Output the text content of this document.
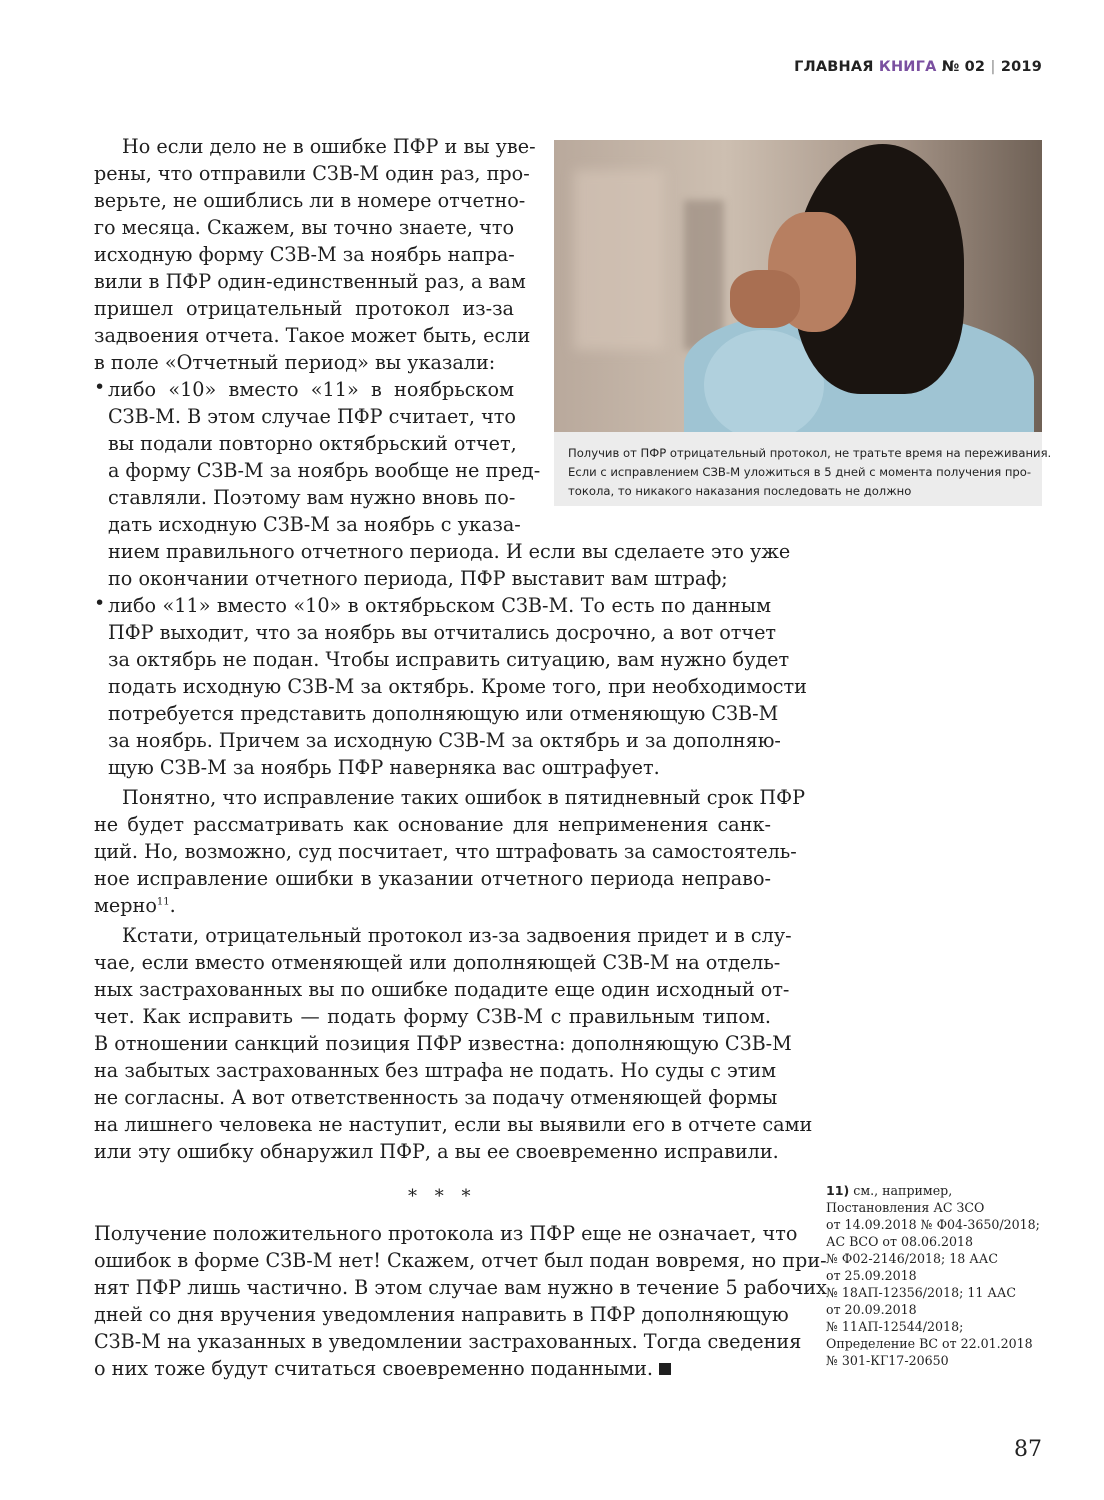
ГЛАВНАЯ КНИГА № 02 | 2019
Получив от ПФР отрицательный протокол, не тратьте время на переживания.
Если с исправлением СЗВ-М уложиться в 5 дней с момента получения про-
токола, то никакого наказания последовать не должно
Но если дело не в ошибке ПФР и вы уве-
рены, что отправили СЗВ-М один раз, про-
верьте, не ошиблись ли в номере отчетно-
го месяца. Скажем, вы точно знаете, что
исходную форму СЗВ-М за ноябрь напра-
вили в ПФР один-единственный раз, а вам
пришел отрицательный протокол из-за
задвоения отчета. Такое может быть, если
в поле «Отчетный период» вы указали:
• либо «10» вместо «11» в ноябрьском
СЗВ-М. В этом случае ПФР считает, что
вы подали повторно октябрьский отчет,
а форму СЗВ-М за ноябрь вообще не пред-
ставляли. Поэтому вам нужно вновь по-
дать исходную СЗВ-М за ноябрь с указа-
нием правильного отчетного периода. И если вы сделаете это уже
по окончании отчетного периода, ПФР выставит вам штраф;
• либо «11» вместо «10» в октябрьском СЗВ-М. То есть по данным
ПФР выходит, что за ноябрь вы отчитались досрочно, а вот отчет
за октябрь не подан. Чтобы исправить ситуацию, вам нужно будет
подать исходную СЗВ-М за октябрь. Кроме того, при необходимости
потребуется представить дополняющую или отменяющую СЗВ-М
за ноябрь. Причем за исходную СЗВ-М за октябрь и за дополняю-
щую СЗВ-М за ноябрь ПФР наверняка вас оштрафует.
Понятно, что исправление таких ошибок в пятидневный срок ПФР
не будет рассматривать как основание для неприменения санк-
ций. Но, возможно, суд посчитает, что штрафовать за самостоятель-
ное исправление ошибки в указании отчетного периода неправо-
мерно$^{11}$.
Кстати, отрицательный протокол из-за задвоения придет и в слу-
чае, если вместо отменяющей или дополняющей СЗВ-М на отдель-
ных застрахованных вы по ошибке подадите еще один исходный от-
чет. Как исправить — подать форму СЗВ-М с правильным типом.
В отношении санкций позиция ПФР известна: дополняющую СЗВ-М
на забытых застрахованных без штрафа не подать. Но суды с этим
не согласны. А вот ответственность за подачу отменяющей формы
на лишнего человека не наступит, если вы выявили его в отчете сами
или эту ошибку обнаружил ПФР, а вы ее своевременно исправили.
* * *
Получение положительного протокола из ПФР еще не означает, что
ошибок в форме СЗВ-М нет! Скажем, отчет был подан вовремя, но при-
нят ПФР лишь частично. В этом случае вам нужно в течение 5 рабочих
дней со дня вручения уведомления направить в ПФР дополняющую
СЗВ-М на указанных в уведомлении застрахованных. Тогда сведения
о них тоже будут считаться своевременно поданными.
11) см., например,
Постановления АС ЗСО
от 14.09.2018 № Ф04-3650/2018;
АС ВСО от 08.06.2018
№ Ф02-2146/2018; 18 ААС
от 25.09.2018
№ 18АП-12356/2018; 11 ААС
от 20.09.2018
№ 11АП-12544/2018;
Определение ВС от 22.01.2018
№ 301-КГ17-20650
87
